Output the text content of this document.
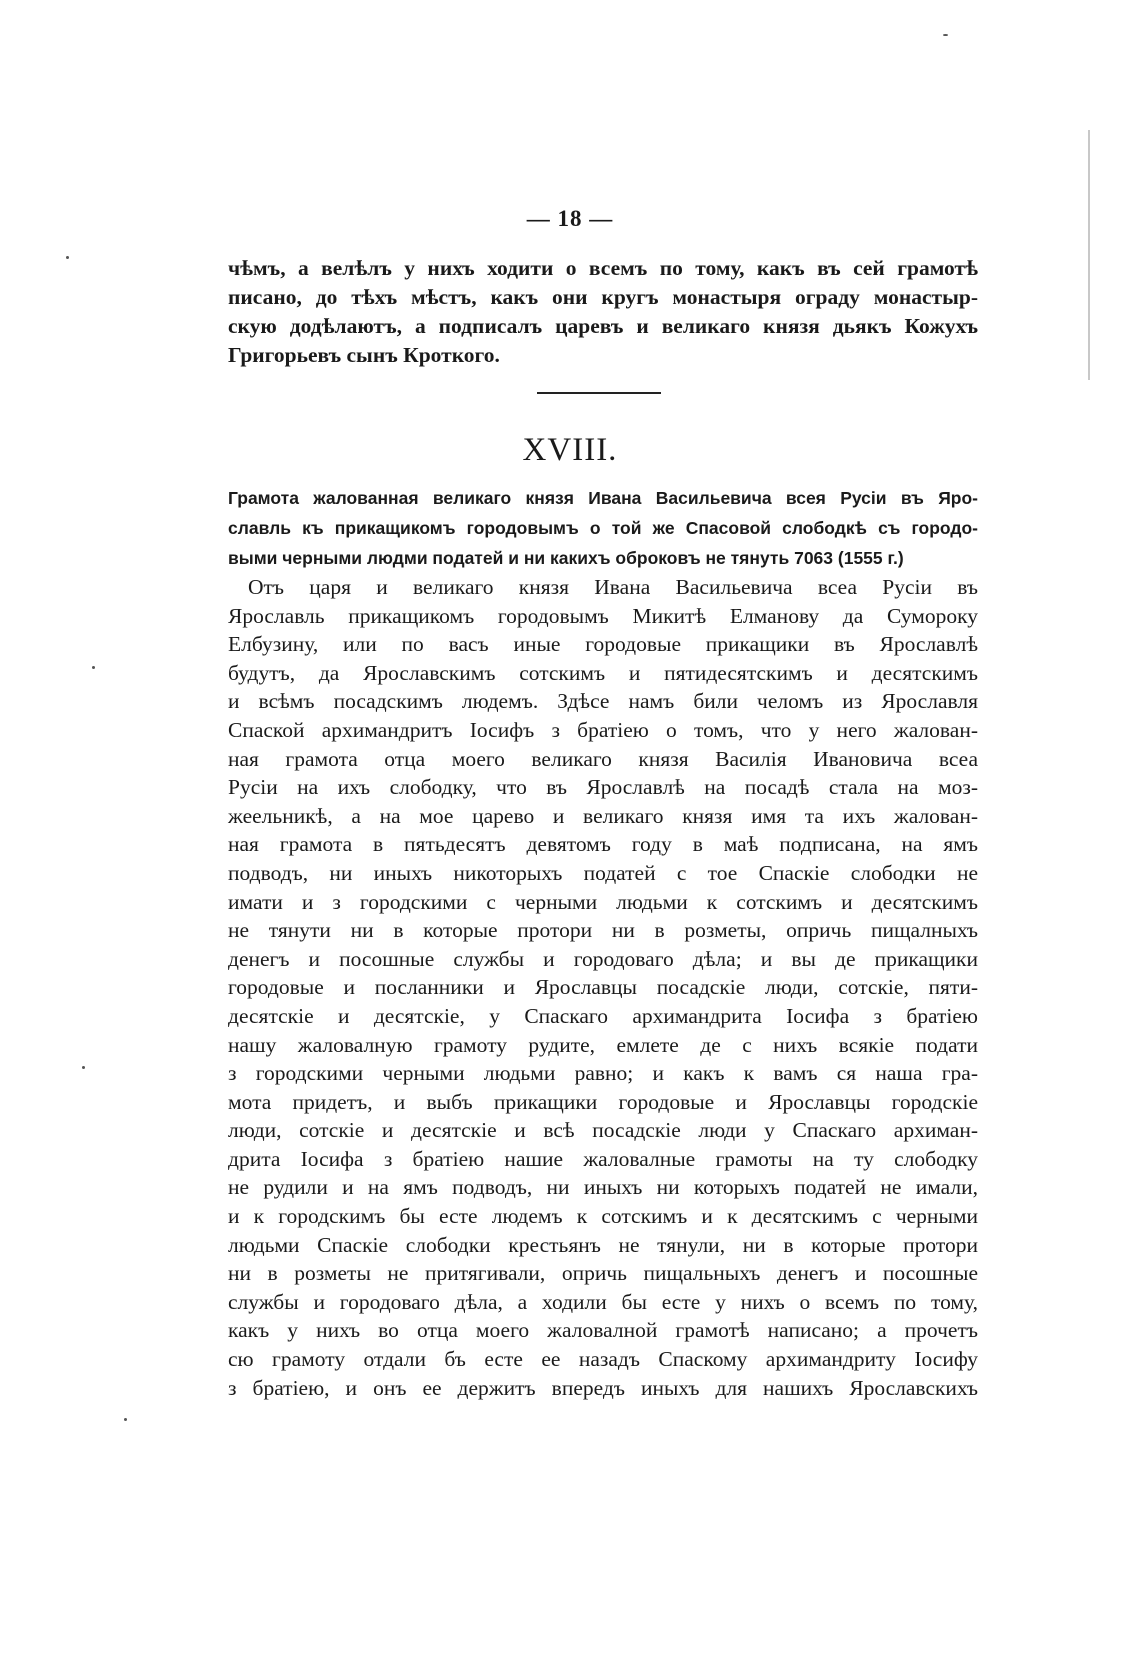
— 18 —
чѣмъ, а велѣлъ у нихъ ходити о всемъ по тому, какъ въ сей грамотѣ
писано, до тѣхъ мѣстъ, какъ они кругъ монастыря ограду монастыр-
скую додѣлаютъ, а подписалъ царевъ и великаго князя дьякъ Кожухъ
Григорьевъ сынъ Кроткого.
XVIII.
Грамота жалованная великаго князя Ивана Васильевича всея Русіи въ Яро-
славль къ прикащикомъ городовымъ о той же Спасовой слободкѣ съ городо-
выми черными людми податей и ни какихъ оброковъ не тянуть 7063 (1555 г.)
Отъ царя и великаго князя Ивана Васильевича всеа Русіи въ
Ярославль прикащикомъ городовымъ Микитѣ Елманову да Сумороку
Елбузину, или по васъ иные городовые прикащики въ Ярославлѣ
будутъ, да Ярославскимъ сотскимъ и пятидесятскимъ и десятскимъ
и всѣмъ посадскимъ людемъ. Здѣсе намъ били челомъ из Ярославля
Спаской архимандритъ Іосифъ з братіею о томъ, что у него жалован-
ная грамота отца моего великаго князя Василія Ивановича всеа
Русіи на ихъ слободку, что въ Ярославлѣ на посадѣ стала на моз-
жеельникѣ, а на мое царево и великаго князя имя та ихъ жалован-
ная грамота в пятьдесятъ девятомъ году в маѣ подписана, на ямъ
подводъ, ни иныхъ никоторыхъ податей с тое Спаскіе слободки не
имати и з городскими с черными людьми к сотскимъ и десятскимъ
не тянути ни в которые протори ни в розметы, опричь пищалныхъ
денегъ и посошные службы и городоваго дѣла; и вы де прикащики
городовые и посланники и Ярославцы посадскіе люди, сотскіе, пяти-
десятскіе и десятскіе, у Спаскаго архимандрита Іосифа з братіею
нашу жаловалную грамоту рудите, емлете де с нихъ всякіе подати
з городскими черными людьми равно; и какъ к вамъ ся наша гра-
мота придетъ, и выбъ прикащики городовые и Ярославцы городскіе
люди, сотскіе и десятскіе и всѣ посадскіе люди у Спаскаго архиман-
дрита Іосифа з братіею нашие жаловалные грамоты на ту слободку
не рудили и на ямъ подводъ, ни иныхъ ни которыхъ податей не имали,
и к городскимъ бы есте людемъ к сотскимъ и к десятскимъ с черными
людьми Спаскіе слободки крестьянъ не тянули, ни в которые протори
ни в розметы не притягивали, опричь пищальныхъ денегъ и посошные
службы и городоваго дѣла, а ходили бы есте у нихъ о всемъ по тому,
какъ у нихъ во отца моего жаловалной грамотѣ написано; а прочетъ
сю грамоту отдали бъ есте ее назадъ Спаскому архимандриту Іосифу
з братіею, и онъ ее держитъ впередъ иныхъ для нашихъ Ярославскихъ
